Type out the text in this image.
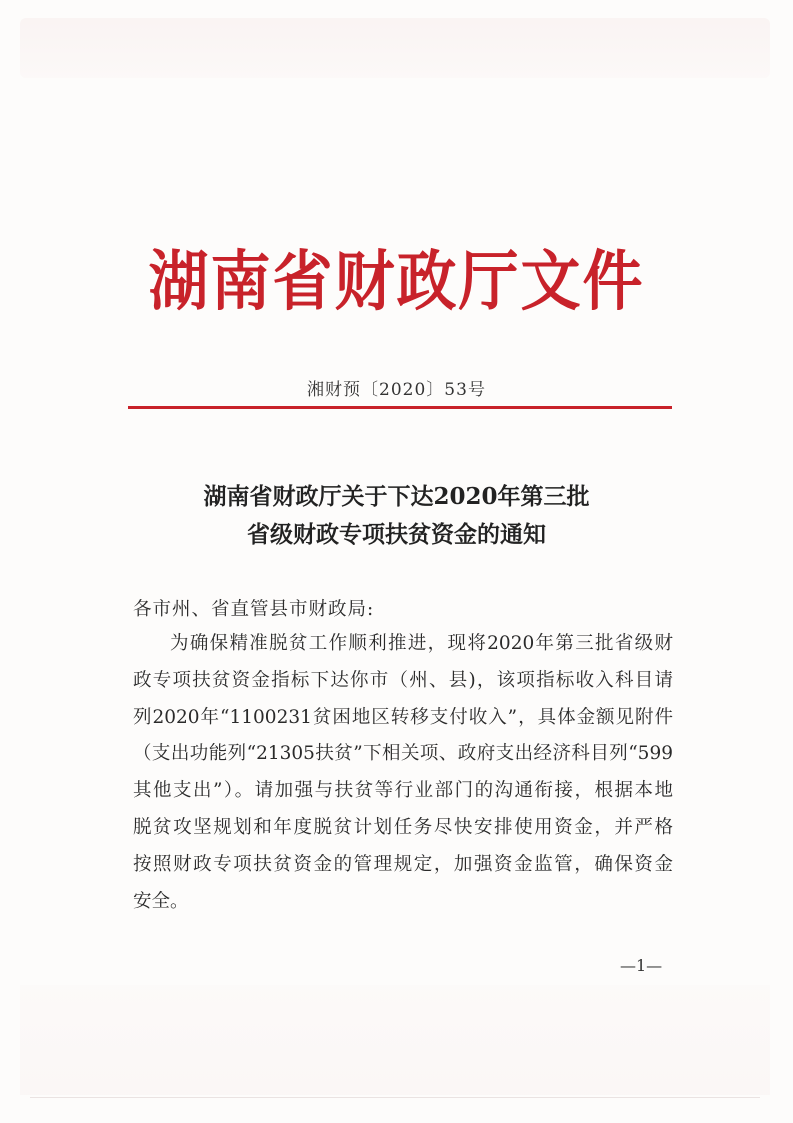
湖南省财政厅文件
湘财预〔2020〕53号
湖南省财政厅关于下达2020年第三批
省级财政专项扶贫资金的通知
各市州、省直管县市财政局:
为确保精准脱贫工作顺利推进，现将2020年第三批省级财
政专项扶贫资金指标下达你市（州、县)，该项指标收入科目请
列2020年“1100231贫困地区转移支付收入”，具体金额见附件
（支出功能列“21305扶贫”下相关项、政府支出经济科目列“599
其他支出”）。请加强与扶贫等行业部门的沟通衔接，根据本地
脱贫攻坚规划和年度脱贫计划任务尽快安排使用资金，并严格
按照财政专项扶贫资金的管理规定，加强资金监管，确保资金
安全。
—1—
